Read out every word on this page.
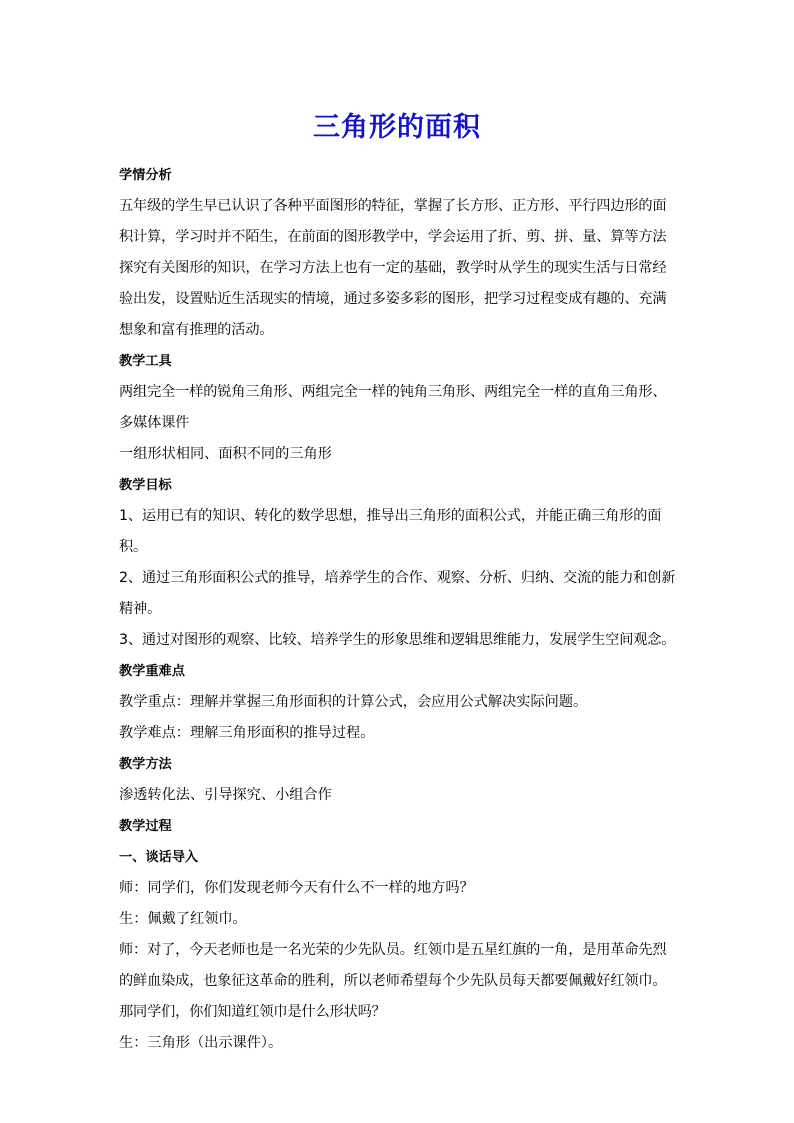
三角形的面积

学情分析

五年级的学生早已认识了各种平面图形的特征，掌握了长方形、正方形、平行四边形的面积计算，学习时并不陌生，在前面的图形教学中，学会运用了折、剪、拼、量、算等方法探究有关图形的知识，在学习方法上也有一定的基础，教学时从学生的现实生活与日常经验出发，设置贴近生活现实的情境，通过多姿多彩的图形，把学习过程变成有趣的、充满想象和富有推理的活动。

教学工具

两组完全一样的锐角三角形、两组完全一样的钝角三角形、两组完全一样的直角三角形、多媒体课件

一组形状相同、面积不同的三角形

教学目标

1、运用已有的知识、转化的数学思想，推导出三角形的面积公式，并能正确三角形的面积。

2、通过三角形面积公式的推导，培养学生的合作、观察、分析、归纳、交流的能力和创新精神。

3、通过对图形的观察、比较、培养学生的形象思维和逻辑思维能力，发展学生空间观念。

教学重难点

教学重点：理解并掌握三角形面积的计算公式，会应用公式解决实际问题。

教学难点：理解三角形面积的推导过程。

教学方法

渗透转化法、引导探究、小组合作

教学过程

一、谈话导入

师：同学们，你们发现老师今天有什么不一样的地方吗？

生：佩戴了红领巾。

师：对了，今天老师也是一名光荣的少先队员。红领巾是五星红旗的一角，是用革命先烈的鲜血染成，也象征这革命的胜利，所以老师希望每个少先队员每天都要佩戴好红领巾。那同学们，你们知道红领巾是什么形状吗？

生：三角形（出示课件）。
